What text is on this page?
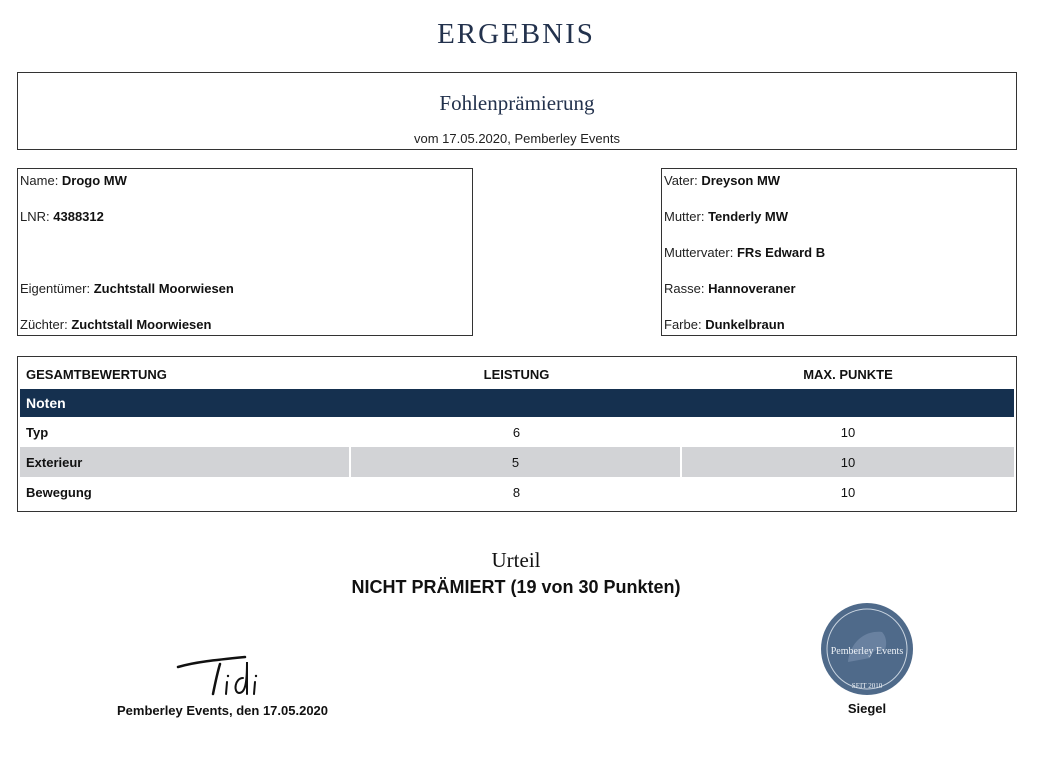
ERGEBNIS
Fohlenprämierung
vom 17.05.2020, Pemberley Events
Name: Drogo MW
LNR: 4388312
Eigentümer: Zuchtstall Moorwiesen
Züchter: Zuchtstall Moorwiesen
Vater: Dreyson MW
Mutter: Tenderly MW
Muttervater: FRs Edward B
Rasse: Hannoveraner
Farbe: Dunkelbraun
GESAMTBEWERTUNG	LEISTUNG	MAX. PUNKTE
Noten		
Typ	6	10
Exterieur	5	10
Bewegung	8	10
Urteil
NICHT PRÄMIERT (19 von 30 Punkten)
Pemberley Events, den 17.05.2020
Pemberley Events
SEIT 2010
Siegel
